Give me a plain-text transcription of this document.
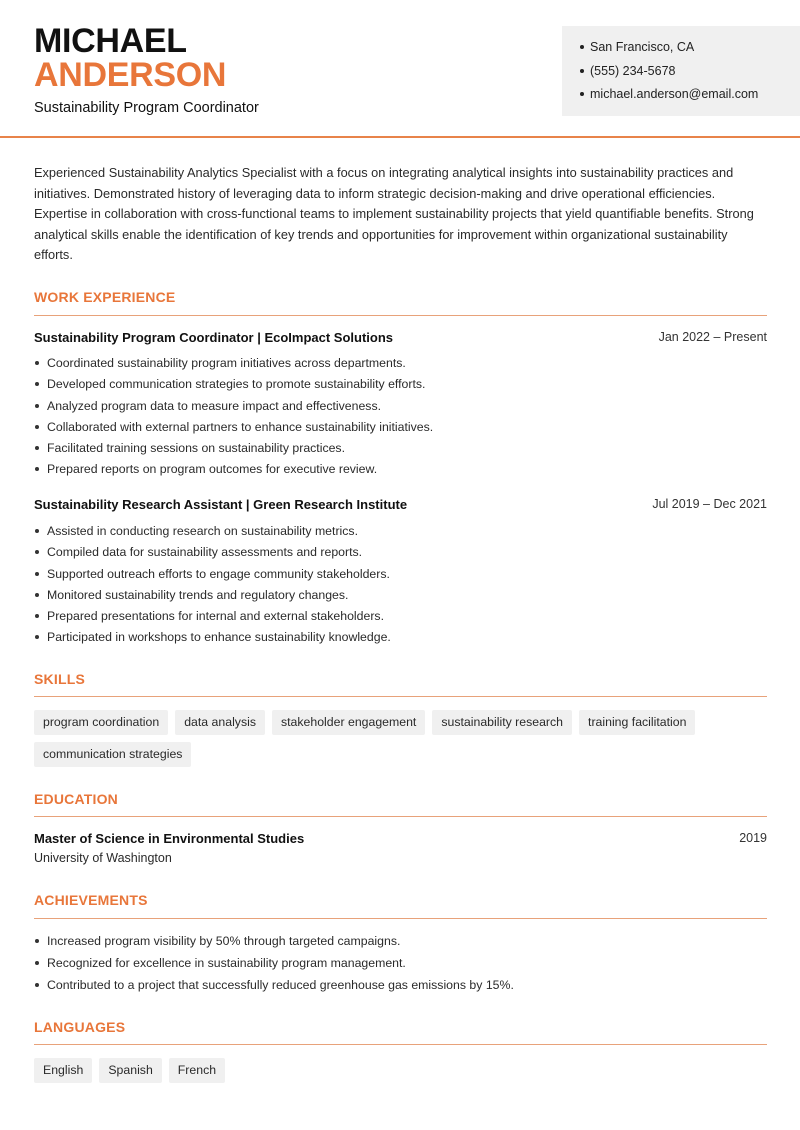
MICHAEL
ANDERSON
Sustainability Program Coordinator
San Francisco, CA
(555) 234-5678
michael.anderson@email.com

Experienced Sustainability Analytics Specialist with a focus on integrating analytical insights into sustainability practices and initiatives. Demonstrated history of leveraging data to inform strategic decision-making and drive operational efficiencies. Expertise in collaboration with cross-functional teams to implement sustainability projects that yield quantifiable benefits. Strong analytical skills enable the identification of key trends and opportunities for improvement within organizational sustainability efforts.

WORK EXPERIENCE
Sustainability Program Coordinator | EcoImpact Solutions	Jan 2022 – Present
Coordinated sustainability program initiatives across departments.
Developed communication strategies to promote sustainability efforts.
Analyzed program data to measure impact and effectiveness.
Collaborated with external partners to enhance sustainability initiatives.
Facilitated training sessions on sustainability practices.
Prepared reports on program outcomes for executive review.
Sustainability Research Assistant | Green Research Institute	Jul 2019 – Dec 2021
Assisted in conducting research on sustainability metrics.
Compiled data for sustainability assessments and reports.
Supported outreach efforts to engage community stakeholders.
Monitored sustainability trends and regulatory changes.
Prepared presentations for internal and external stakeholders.
Participated in workshops to enhance sustainability knowledge.
SKILLS
program coordination	data analysis	stakeholder engagement	sustainability research	training facilitation
communication strategies
EDUCATION
Master of Science in Environmental Studies	2019
University of Washington
ACHIEVEMENTS
Increased program visibility by 50% through targeted campaigns.
Recognized for excellence in sustainability program management.
Contributed to a project that successfully reduced greenhouse gas emissions by 15%.
LANGUAGES
English	Spanish	French
